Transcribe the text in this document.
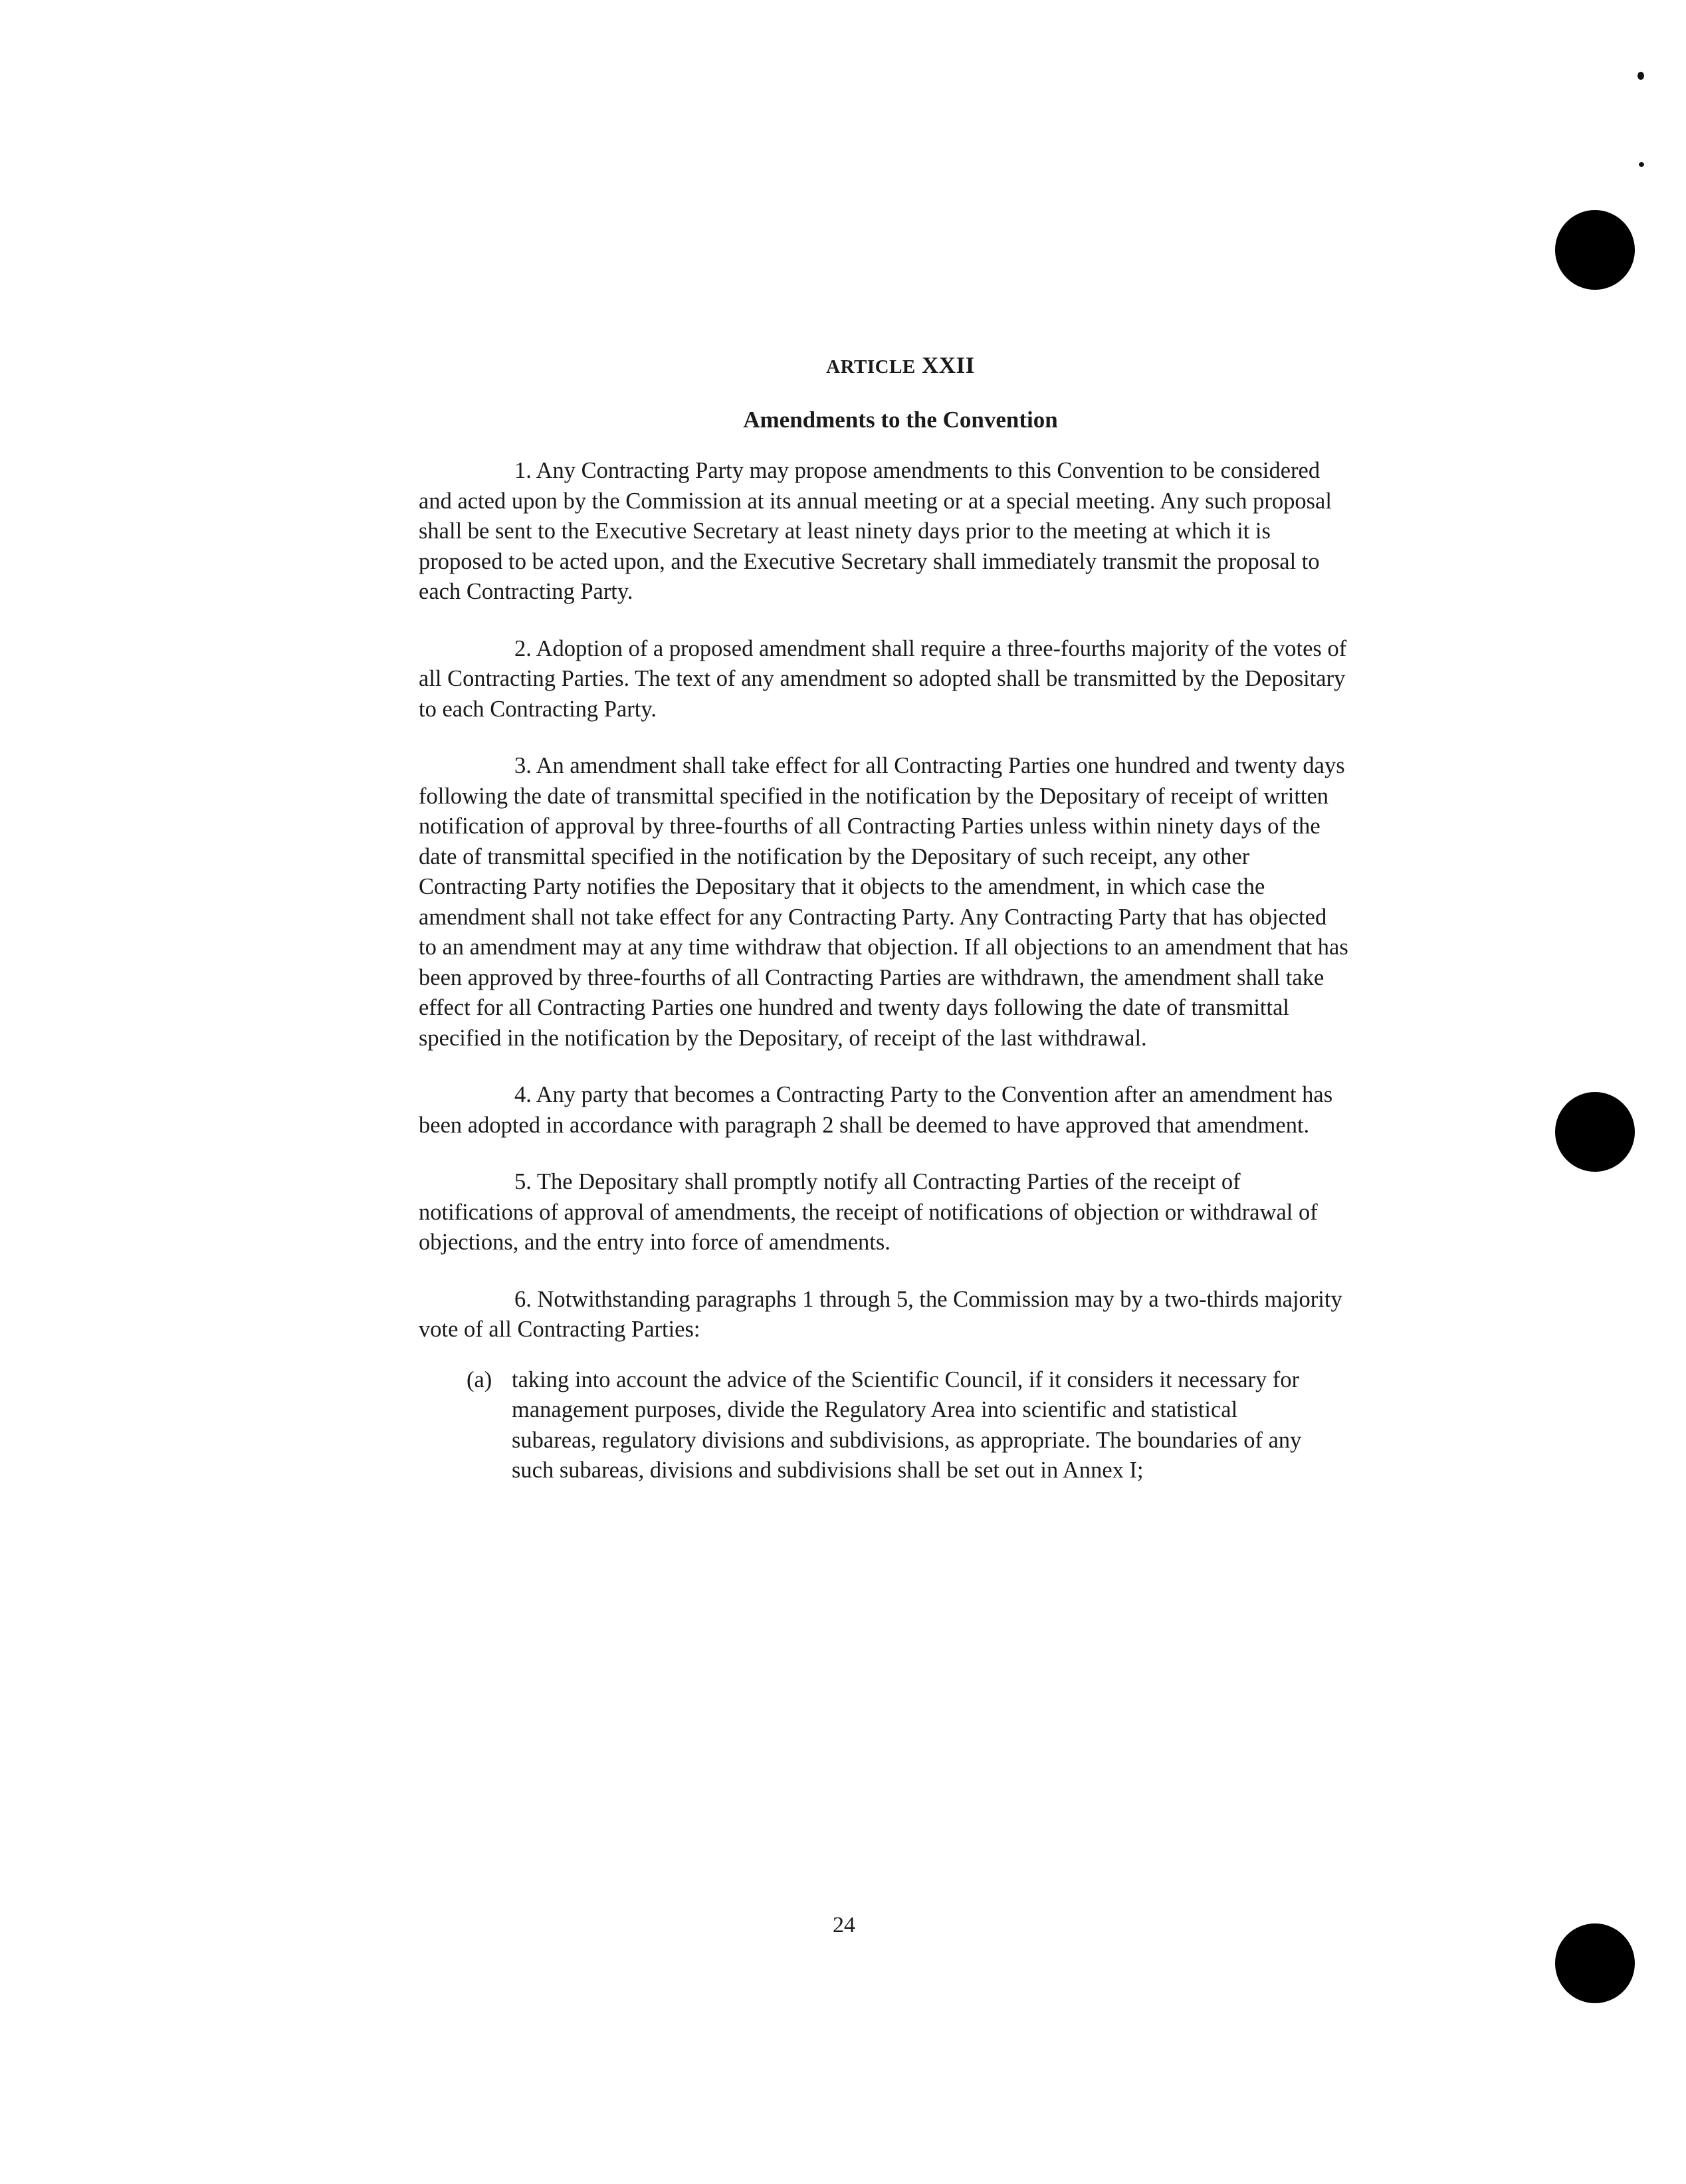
ARTICLE XXII
Amendments to the Convention

1. Any Contracting Party may propose amendments to this Convention to be considered and acted upon by the Commission at its annual meeting or at a special meeting. Any such proposal shall be sent to the Executive Secretary at least ninety days prior to the meeting at which it is proposed to be acted upon, and the Executive Secretary shall immediately transmit the proposal to each Contracting Party.

2. Adoption of a proposed amendment shall require a three-fourths majority of the votes of all Contracting Parties. The text of any amendment so adopted shall be transmitted by the Depositary to each Contracting Party.

3. An amendment shall take effect for all Contracting Parties one hundred and twenty days following the date of transmittal specified in the notification by the Depositary of receipt of written notification of approval by three-fourths of all Contracting Parties unless within ninety days of the date of transmittal specified in the notification by the Depositary of such receipt, any other Contracting Party notifies the Depositary that it objects to the amendment, in which case the amendment shall not take effect for any Contracting Party. Any Contracting Party that has objected to an amendment may at any time withdraw that objection. If all objections to an amendment that has been approved by three-fourths of all Contracting Parties are withdrawn, the amendment shall take effect for all Contracting Parties one hundred and twenty days following the date of transmittal specified in the notification by the Depositary, of receipt of the last withdrawal.

4. Any party that becomes a Contracting Party to the Convention after an amendment has been adopted in accordance with paragraph 2 shall be deemed to have approved that amendment.

5. The Depositary shall promptly notify all Contracting Parties of the receipt of notifications of approval of amendments, the receipt of notifications of objection or withdrawal of objections, and the entry into force of amendments.

6. Notwithstanding paragraphs 1 through 5, the Commission may by a two-thirds majority vote of all Contracting Parties:

(a) taking into account the advice of the Scientific Council, if it considers it necessary for management purposes, divide the Regulatory Area into scientific and statistical subareas, regulatory divisions and subdivisions, as appropriate. The boundaries of any such subareas, divisions and subdivisions shall be set out in Annex I;

24
